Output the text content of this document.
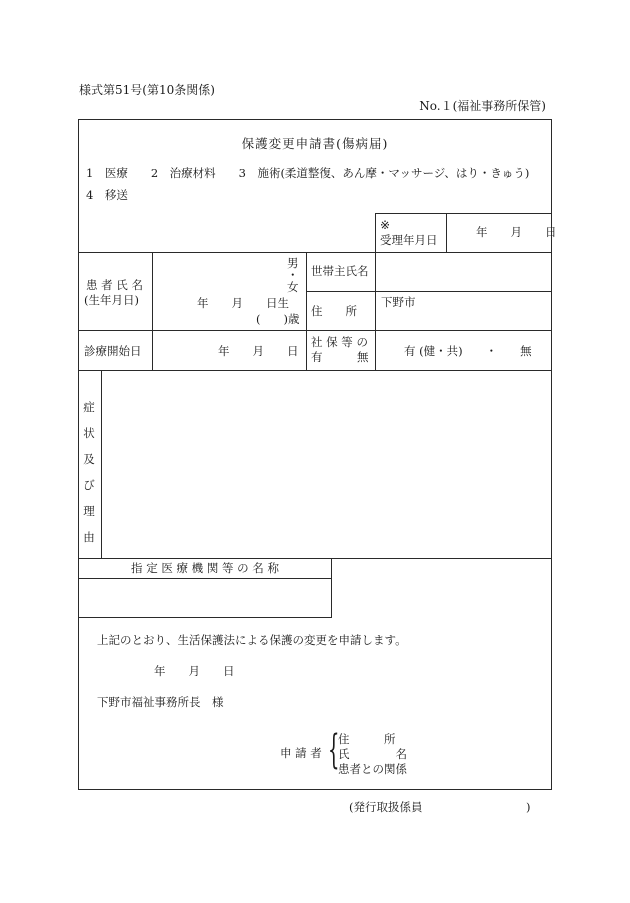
様式第51号(第10条関係)
No.１(福祉事務所保管)
保護変更申請書(傷病届)
1　医療　　2　治療材料　　3　施術(柔道整復、あん摩・マッサージ、はり・きゅう)
4　移送
※
受理年月日
年　　月　　日
患 者 氏 名
(生年月日)
男
・
女
年　　月　　日生
(　　)歳
世帯主氏名
住　　所
下野市
診療開始日	年　　月　　日
社 保 等 の
有　　　無	有 (健・共)　　・　　無
症
状
及
び
理
由
指 定 医 療 機 関 等 の 名 称
上記のとおり、生活保護法による保護の変更を申請します。
年　　月　　日
下野市福祉事務所長　様
申 請 者 {
住　　　所
氏　　　　名
患者との関係
(発行取扱係員　　　　　　　　　)
